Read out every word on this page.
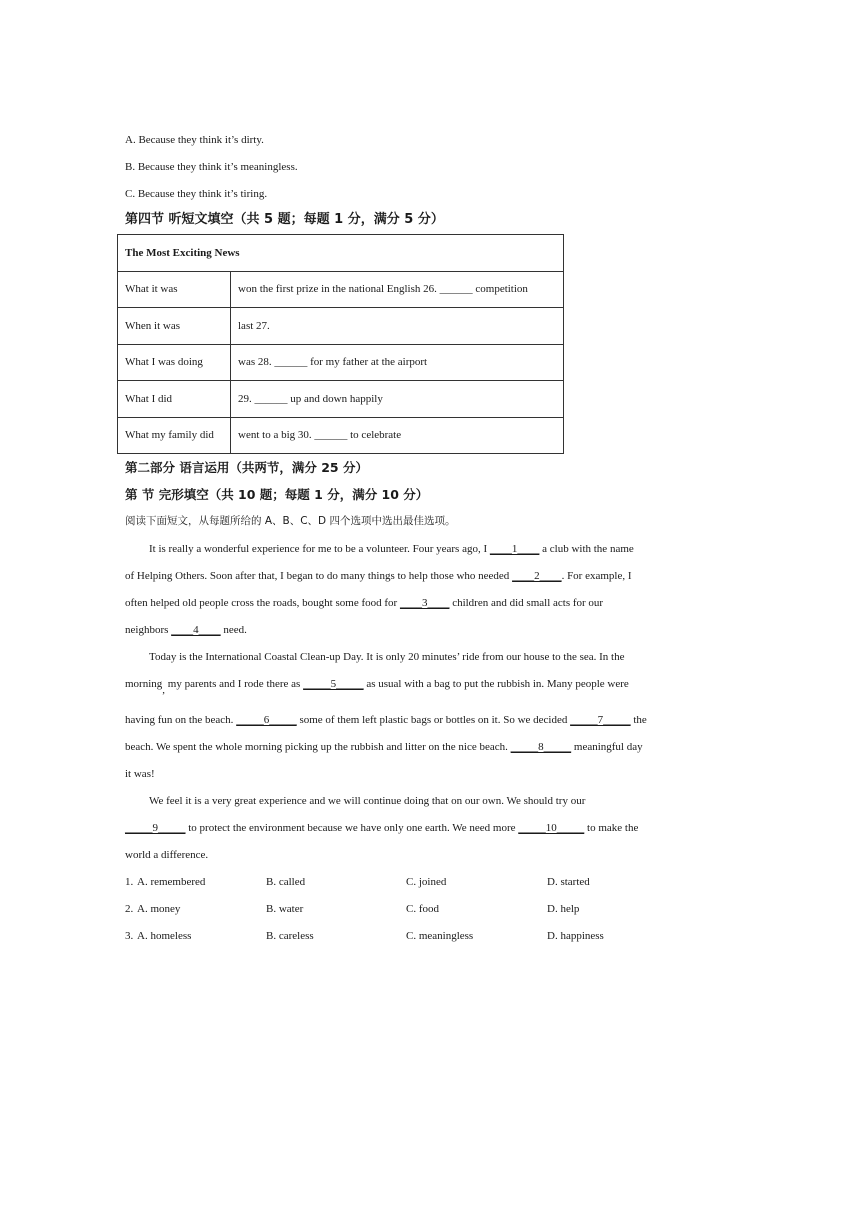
A. Because they think it’s dirty.
B. Because they think it’s meaningless.
C. Because they think it’s tiring.
第四节 听短文填空（共 5 题；每题 1 分，满分 5 分）
The Most Exciting News	
What it was	won the first prize in the national English 26. ______ competition
When it was	last 27.
What I was doing	was 28. ______ for my father at the airport
What I did	29. ______ up and down happily
What my family did	went to a big 30. ______ to celebrate
第二部分 语言运用（共两节，满分 25 分）
第 节 完形填空（共 10 题；每题 1 分，满分 10 分）
阅读下面短文，从每题所给的 A、B、C、D 四个选项中选出最佳选项。
It is really a wonderful experience for me to be a volunteer. Four years ago, I ____1____ a club with the name
of Helping Others. Soon after that, I began to do many things to help those who needed ____2____. For example, I
often helped old people cross the roads, bought some food for ____3____ children and did small acts for our
neighbors ____4____ need.
Today is the International Coastal Clean-up Day. It is only 20 minutes’ ride from our house to the sea. In the
morning, my parents and I rode there as _____5_____ as usual with a bag to put the rubbish in. Many people were
having fun on the beach. _____6_____ some of them left plastic bags or bottles on it. So we decided _____7_____ the
beach. We spent the whole morning picking up the rubbish and litter on the nice beach. _____8_____ meaningful day
it was!
We feel it is a very great experience and we will continue doing that on our own. We should try our
_____9_____ to protect the environment because we have only one earth. We need more _____10_____ to make the
world a difference.
1. A. remembered	B. called	C. joined	D. started
2. A. money	B. water	C. food	D. help
3. A. homeless	B. careless	C. meaningless	D. happiness
